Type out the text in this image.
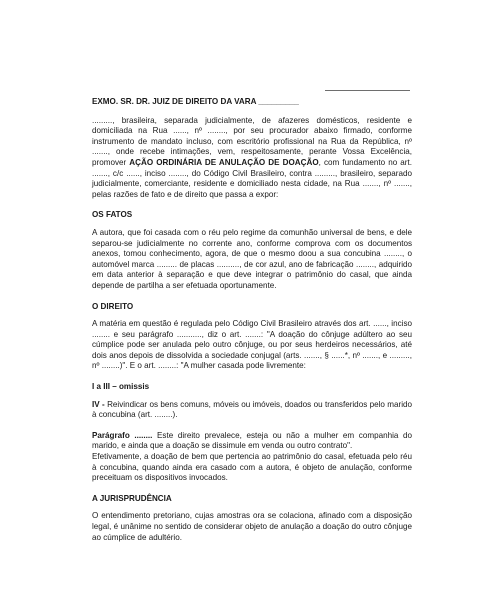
EXMO. SR. DR. JUIZ DE DIREITO DA VARA _________

........., brasileira, separada judicialmente, de afazeres domésticos, residente e domiciliada na Rua ......, nº ........, por seu procurador abaixo firmado, conforme instrumento de mandato incluso, com escritório profissional na Rua da República, nº ......., onde recebe intimações, vem, respeitosamente, perante Vossa Excelência, promover AÇÃO ORDINÁRIA DE ANULAÇÃO DE DOAÇÃO, com fundamento no art. ......., c/c ......, inciso ........, do Código Civil Brasileiro, contra ........., brasileiro, separado judicialmente, comerciante, residente e domiciliado nesta cidade, na Rua ......., nº ......., pelas razões de fato e de direito que passa a expor:

OS FATOS

A autora, que foi casada com o réu pelo regime da comunhão universal de bens, e dele separou-se judicialmente no corrente ano, conforme comprova com os documentos anexos, tomou conhecimento, agora, de que o mesmo doou a sua concubina ........, o automóvel marca ......... de placas .........., de cor azul, ano de fabricação ........, adquirido em data anterior à separação e que deve integrar o patrimônio do casal, que ainda depende de partilha a ser efetuada oportunamente.

O DIREITO

A matéria em questão é regulada pelo Código Civil Brasileiro através dos art. ......, inciso ........ e seu parágrafo ..........., diz o art. .......: "A doação do cônjuge adúltero ao seu cúmplice pode ser anulada pelo outro cônjuge, ou por seus herdeiros necessários, até dois anos depois de dissolvida a sociedade conjugal (arts. ......., § ......*, nº ......., e ........., nº ........)". E o art. ........: "A mulher casada pode livremente:

I a III – omissis

IV - Reivindicar os bens comuns, móveis ou imóveis, doados ou transferidos pelo marido à concubina (art. ........).

Parágrafo ........ Este direito prevalece, esteja ou não a mulher em companhia do marido, e ainda que a doação se dissimule em venda ou outro contrato".

Efetivamente, a doação de bem que pertencia ao patrimônio do casal, efetuada pelo réu à concubina, quando ainda era casado com a autora, é objeto de anulação, conforme preceituam os dispositivos invocados.

A JURISPRUDÊNCIA

O entendimento pretoriano, cujas amostras ora se colaciona, afinado com a disposição legal, é unânime no sentido de considerar objeto de anulação a doação do outro cônjuge ao cúmplice de adultério.
